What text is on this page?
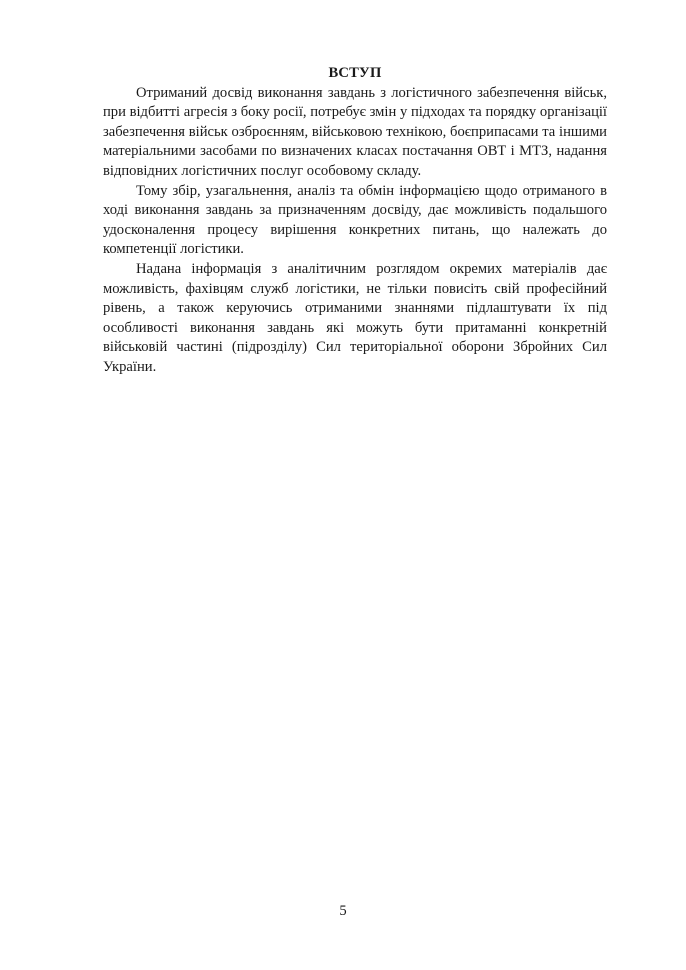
ВСТУП

Отриманий досвід виконання завдань з логістичного забезпечення військ, при відбитті агресія з боку росії, потребує змін у підходах та порядку організації забезпечення військ озброєнням, військовою технікою, боєприпасами та іншими матеріальними засобами по визначених класах постачання ОВТ і МТЗ, надання відповідних логістичних послуг особовому складу.

Тому збір, узагальнення, аналіз та обмін інформацією щодо отриманого в ході виконання завдань за призначенням досвіду, дає можливість подальшого удосконалення процесу вирішення конкретних питань, що належать до компетенції логістики.

Надана інформація з аналітичним розглядом окремих матеріалів дає можливість, фахівцям служб логістики, не тільки повисіть свій професійний рівень, а також керуючись отриманими знаннями підлаштувати їх під особливості виконання завдань які можуть бути притаманні конкретній військовій частині (підрозділу) Сил територіальної оборони Збройних Сил України.

5
